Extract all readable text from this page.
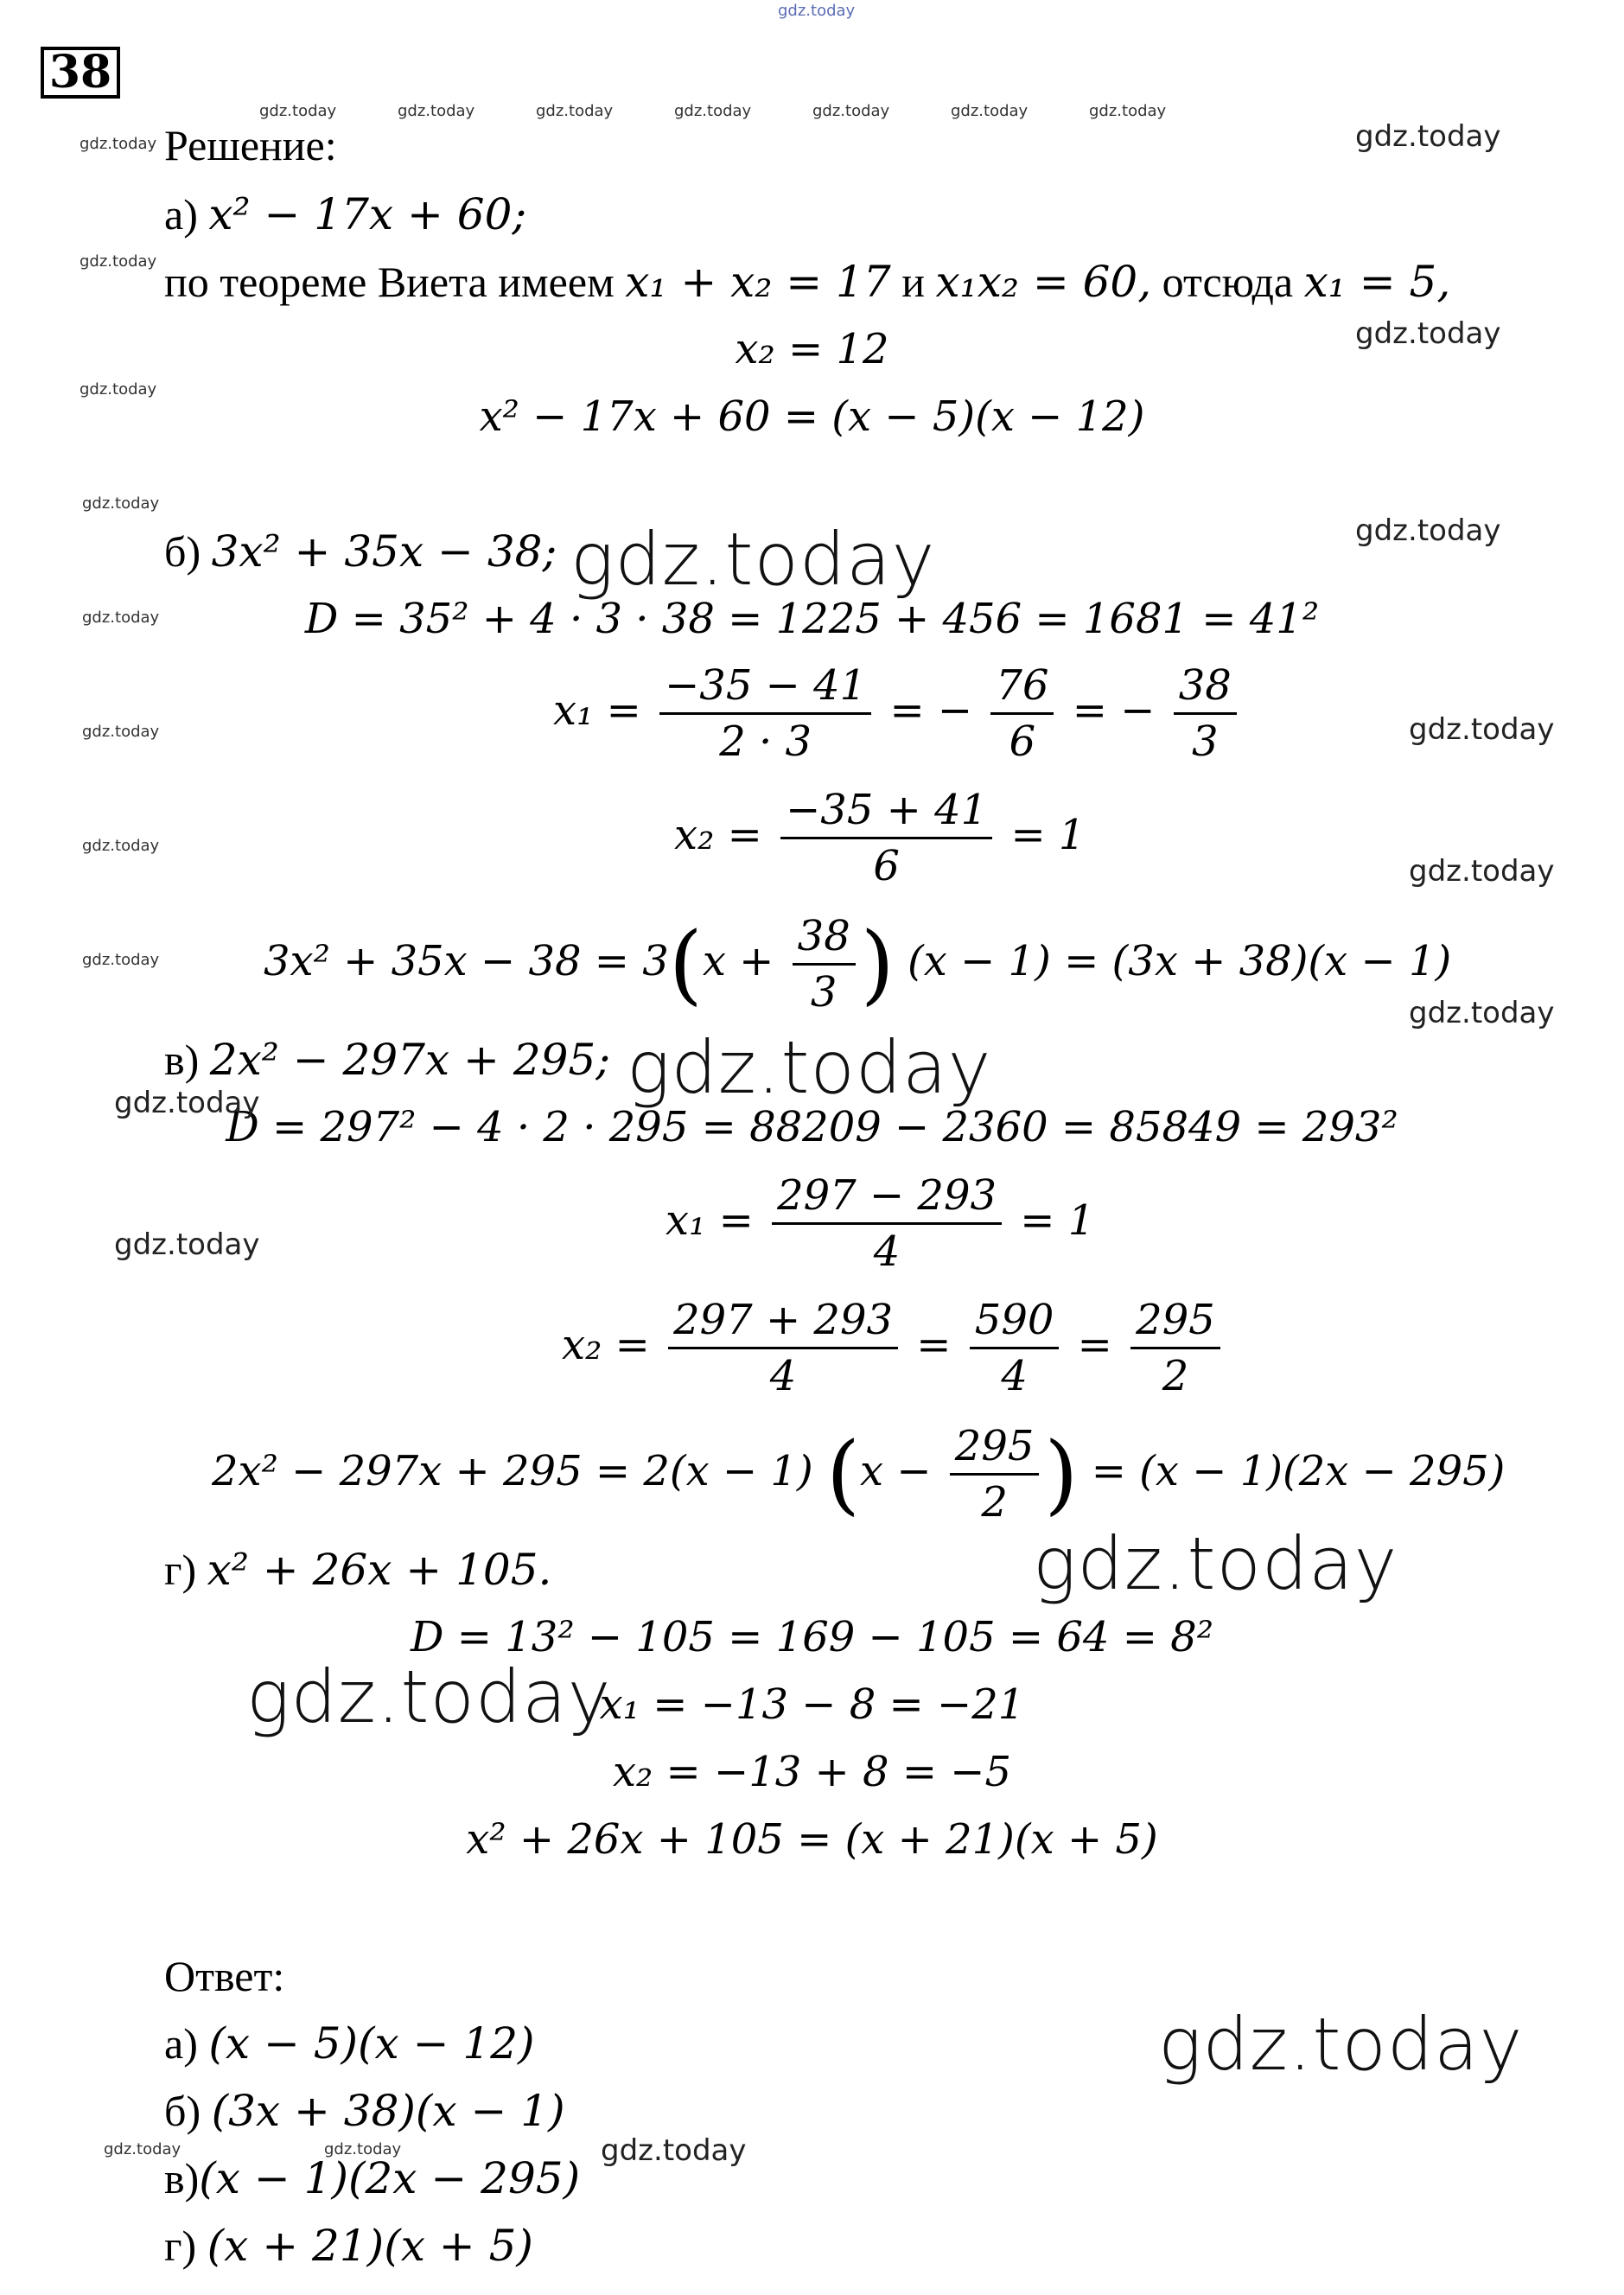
38
Решение:
а) x² − 17x + 60;
по теореме Виета имеем x₁ + x₂ = 17 и x₁x₂ = 60, отсюда x₁ = 5,
x₂ = 12
x² − 17x + 60 = (x − 5)(x − 12)
б) 3x² + 35x − 38;
D = 35² + 4 · 3 · 38 = 1225 + 456 = 1681 = 41²
$x_1 = \frac{-35 - 41}{2 \cdot 3}$ = − $\frac{76}{6}$ = − $\frac{38}{3}$
$x_2 = \frac{-35 + 41}{6} = 1$
$3x^2 + 35x - 38 = 3(x + \frac{38}{3}$ ) (x − 1) = (3x + 38)(x − 1)
в) 2x² − 297x + 295;
D = 297² − 4 · 2 · 295 = 88209 − 2360 = 85849 = 293²
$x_1 = \frac{297 - 293}{4} = 1$
$x_2 = \frac{297 + 293}{4} = \frac{590}{4} = \frac{295}{2}$
2x² − 297x + 295 = 2(x − 1) ($x - \frac{295}{2}$ ) = (x − 1)(2x − 295)
г) x² + 26x + 105.
D = 13² − 105 = 169 − 105 = 64 = 8²
x₁ = −13 − 8 = −21
x₂ = −13 + 8 = −5
x² + 26x + 105 = (x + 21)(x + 5)
Ответ:
а) (x − 5)(x − 12)
б) (3x + 38)(x − 1)
в)(x − 1)(2x − 295)
г) (x + 21)(x + 5)
gdz.today
gdz.today	gdz.today	gdz.today	gdz.today	gdz.today	gdz.today	gdz.today
gdz.today
gdz.today
gdz.today
gdz.today
gdz.today
gdz.today
gdz.today
gdz.today
gdz.today	gdz.today
gdz.today
gdz.today
gdz.today
gdz.today
gdz.today
gdz.today
gdz.today
gdz.today
gdz.today
gdz.today
gdz.today
gdz.today
gdz.today
gdz.today
